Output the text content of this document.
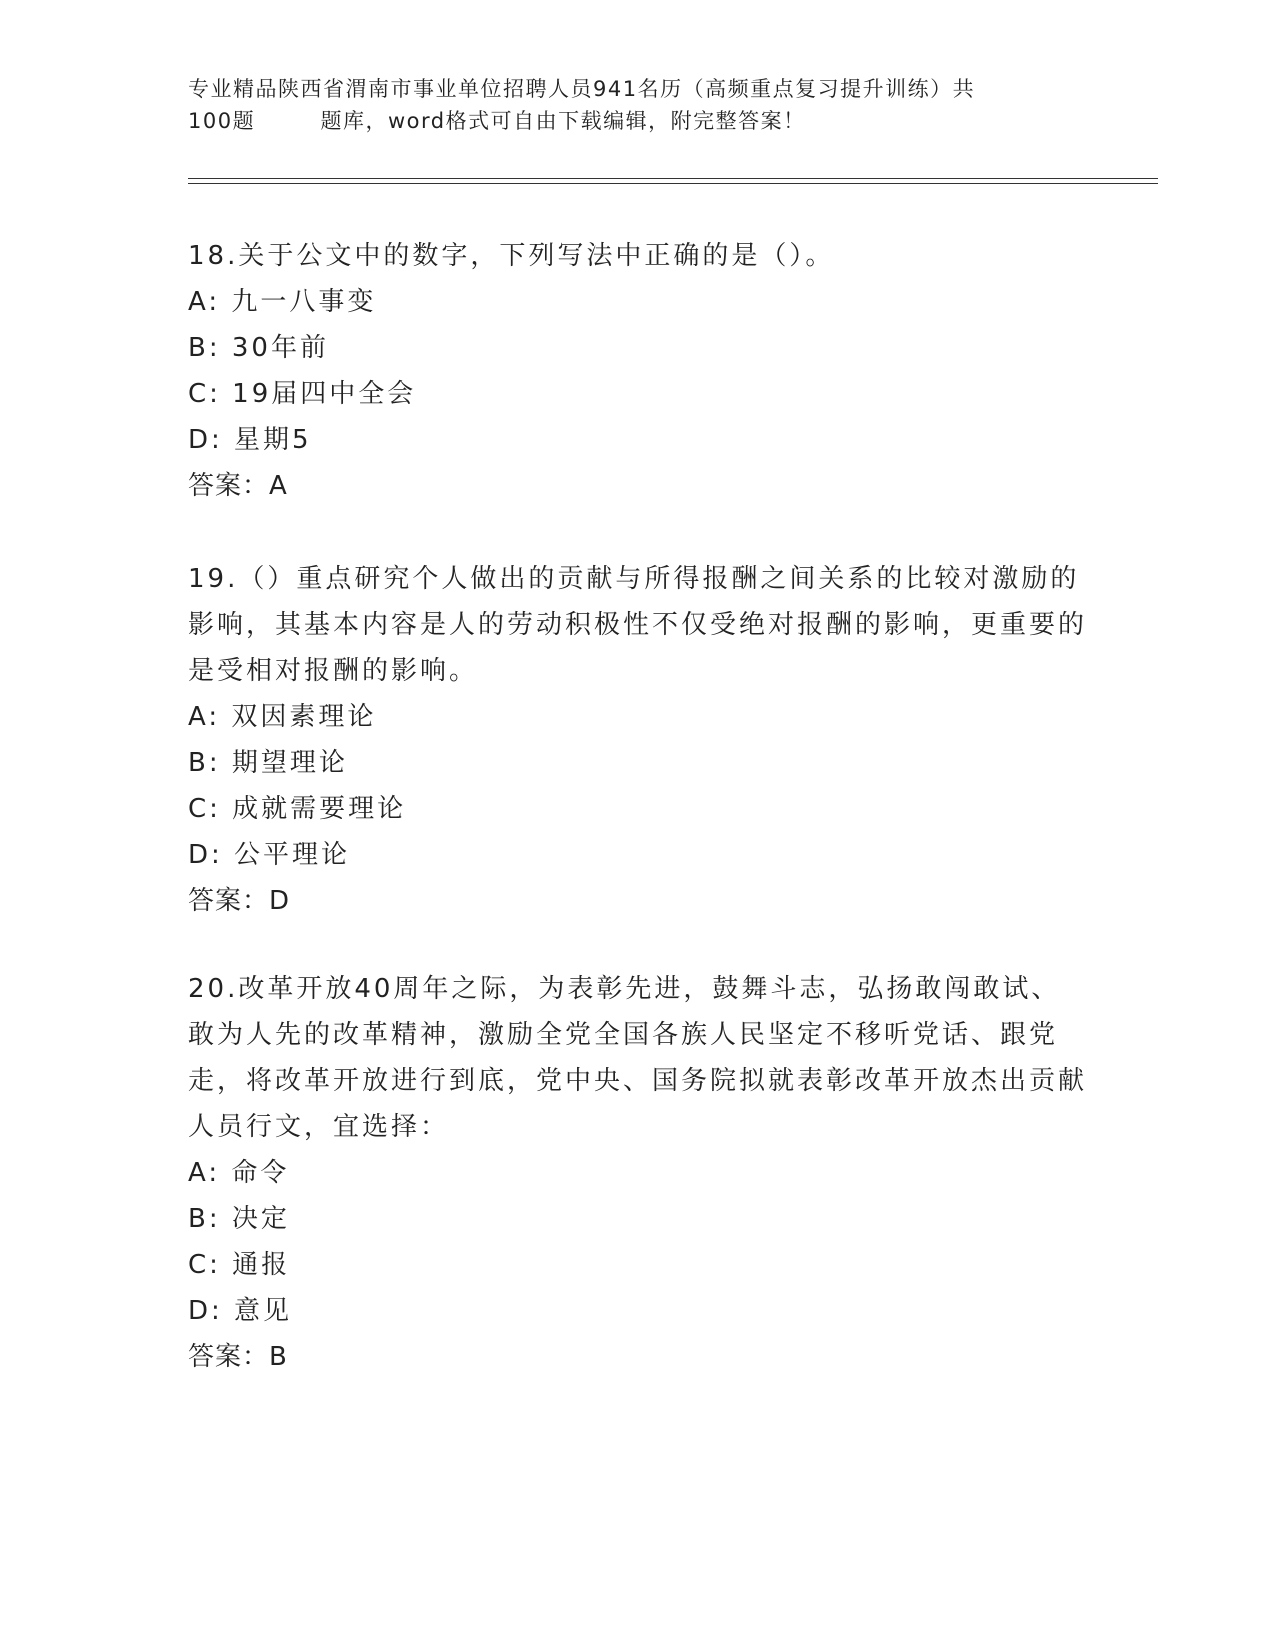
专业精品陕西省渭南市事业单位招聘人员941名历（高频重点复习提升训练）共
100题        题库，word格式可自由下载编辑，附完整答案！

18.关于公文中的数字，下列写法中正确的是（）。

A: 九一八事变

B: 30年前

C: 19届四中全会

D: 星期5

答案：A

19.（）重点研究个人做出的贡献与所得报酬之间关系的比较对激励的影响，其基本内容是人的劳动积极性不仅受绝对报酬的影响，更重要的是受相对报酬的影响。

A: 双因素理论

B: 期望理论

C: 成就需要理论

D: 公平理论

答案：D

20.改革开放40周年之际，为表彰先进，鼓舞斗志，弘扬敢闯敢试、敢为人先的改革精神，激励全党全国各族人民坚定不移听党话、跟党走，将改革开放进行到底，党中央、国务院拟就表彰改革开放杰出贡献人员行文，宜选择：

A: 命令

B: 决定

C: 通报

D: 意见

答案：B
